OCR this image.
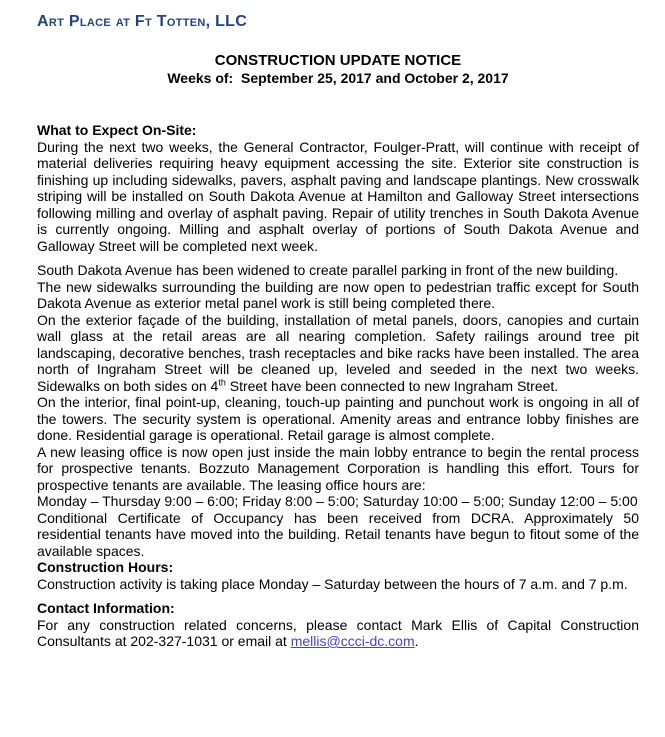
Art Place at Ft Totten, LLC
CONSTRUCTION UPDATE NOTICE
Weeks of:  September 25, 2017 and October 2, 2017
What to Expect On-Site:

During the next two weeks, the General Contractor, Foulger-Pratt, will continue with receipt of material deliveries requiring heavy equipment accessing the site. Exterior site construction is finishing up including sidewalks, pavers, asphalt paving and landscape plantings. New crosswalk striping will be installed on South Dakota Avenue at Hamilton and Galloway Street intersections following milling and overlay of asphalt paving. Repair of utility trenches in South Dakota Avenue is currently ongoing. Milling and asphalt overlay of portions of South Dakota Avenue and Galloway Street will be completed next week.

South Dakota Avenue has been widened to create parallel parking in front of the new building.

The new sidewalks surrounding the building are now open to pedestrian traffic except for South Dakota Avenue as exterior metal panel work is still being completed there.

On the exterior façade of the building, installation of metal panels, doors, canopies and curtain wall glass at the retail areas are all nearing completion. Safety railings around tree pit landscaping, decorative benches, trash receptacles and bike racks have been installed. The area north of Ingraham Street will be cleaned up, leveled and seeded in the next two weeks. Sidewalks on both sides on 4th Street have been connected to new Ingraham Street.

On the interior, final point-up, cleaning, touch-up painting and punchout work is ongoing in all of the towers. The security system is operational. Amenity areas and entrance lobby finishes are done. Residential garage is operational. Retail garage is almost complete.

A new leasing office is now open just inside the main lobby entrance to begin the rental process for prospective tenants. Bozzuto Management Corporation is handling this effort. Tours for prospective tenants are available. The leasing office hours are:

Monday – Thursday 9:00 – 6:00; Friday 8:00 – 5:00; Saturday 10:00 – 5:00; Sunday 12:00 – 5:00

Conditional Certificate of Occupancy has been received from DCRA. Approximately 50 residential tenants have moved into the building. Retail tenants have begun to fitout some of the available spaces.

Construction Hours:

Construction activity is taking place Monday – Saturday between the hours of 7 a.m. and 7 p.m.

Contact Information:

For any construction related concerns, please contact Mark Ellis of Capital Construction Consultants at 202-327-1031 or email at mellis@ccci-dc.com.
